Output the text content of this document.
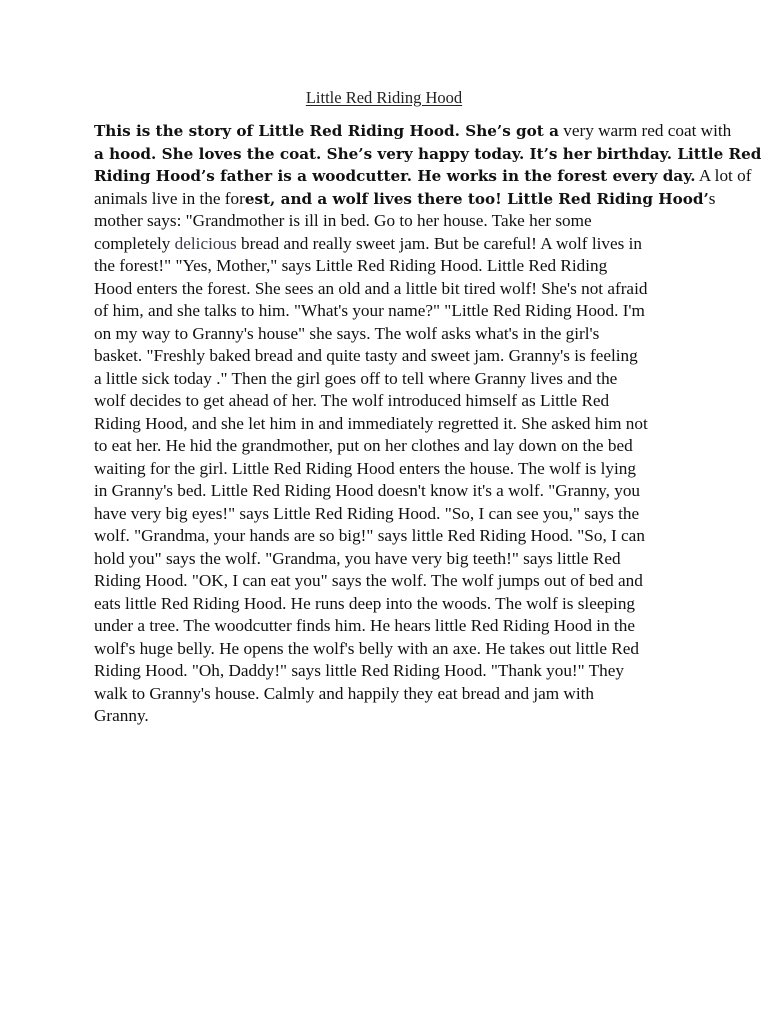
Little Red Riding Hood
This is the story of Little Red Riding Hood. She’s got a very warm red coat with
a hood. She loves the coat. She’s very happy today. It’s her birthday. Little Red
Riding Hood’s father is a woodcutter. He works in the forest every day. A lot of
animals live in the forest, and a wolf lives there too! Little Red Riding Hood’s
mother says: "Grandmother is ill in bed. Go to her house. Take her some
completely delicious bread and really sweet jam. But be careful! A wolf lives in
the forest!" "Yes, Mother," says Little Red Riding Hood. Little Red Riding
Hood enters the forest. She sees an old and a little bit tired wolf! She's not afraid
of him, and she talks to him. "What's your name?" "Little Red Riding Hood. I'm
on my way to Granny's house" she says. The wolf asks what's in the girl's
basket. "Freshly baked bread and quite tasty and sweet jam. Granny's is feeling
a little sick today ." Then the girl goes off to tell where Granny lives and the
wolf decides to get ahead of her. The wolf introduced himself as Little Red
Riding Hood, and she let him in and immediately regretted it. She asked him not
to eat her. He hid the grandmother, put on her clothes and lay down on the bed
waiting for the girl. Little Red Riding Hood enters the house. The wolf is lying
in Granny's bed. Little Red Riding Hood doesn't know it's a wolf. "Granny, you
have very big eyes!" says Little Red Riding Hood. "So, I can see you," says the
wolf. "Grandma, your hands are so big!" says little Red Riding Hood. "So, I can
hold you" says the wolf. "Grandma, you have very big teeth!" says little Red
Riding Hood. "OK, I can eat you" says the wolf. The wolf jumps out of bed and
eats little Red Riding Hood. He runs deep into the woods. The wolf is sleeping
under a tree. The woodcutter finds him. He hears little Red Riding Hood in the
wolf's huge belly. He opens the wolf's belly with an axe. He takes out little Red
Riding Hood. "Oh, Daddy!" says little Red Riding Hood. "Thank you!" They
walk to Granny's house. Calmly and happily they eat bread and jam with
Granny.
